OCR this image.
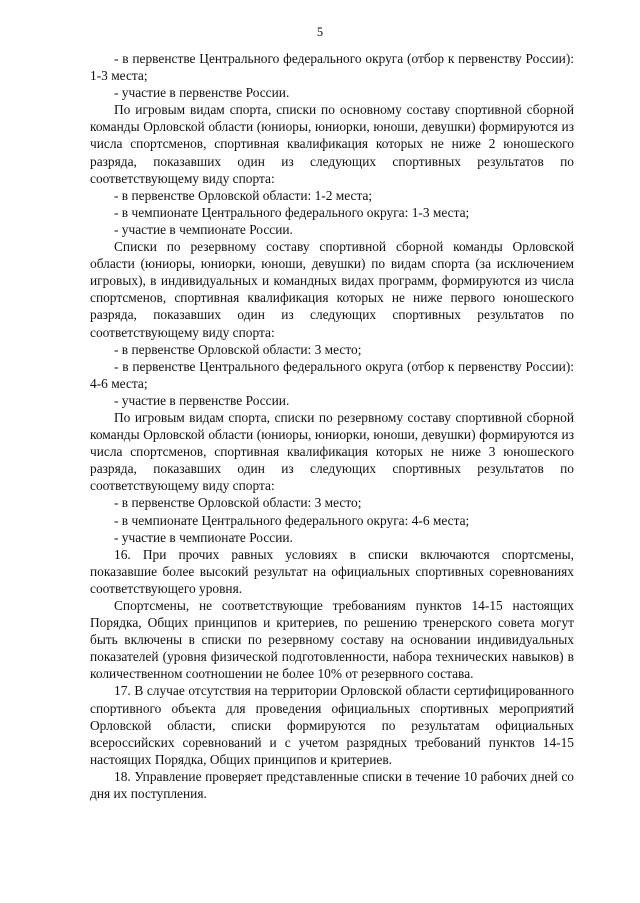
5

- в первенстве Центрального федерального округа (отбор к первенству России): 1-3 места;

- участие в первенстве России.

По игровым видам спорта, списки по основному составу спортивной сборной команды Орловской области (юниоры, юниорки, юноши, девушки) формируются из числа спортсменов, спортивная квалификация которых не ниже 2 юношеского разряда, показавших один из следующих спортивных результатов по соответствующему виду спорта:

- в первенстве Орловской области: 1-2 места;

- в чемпионате Центрального федерального округа: 1-3 места;

- участие в чемпионате России.

Списки по резервному составу спортивной сборной команды Орловской области (юниоры, юниорки, юноши, девушки) по видам спорта (за исключением игровых), в индивидуальных и командных видах программ, формируются из числа спортсменов, спортивная квалификация которых не ниже первого юношеского разряда, показавших один из следующих спортивных результатов по соответствующему виду спорта:

- в первенстве Орловской области: 3 место;

- в первенстве Центрального федерального округа (отбор к первенству России): 4-6 места;

- участие в первенстве России.

По игровым видам спорта, списки по резервному составу спортивной сборной команды Орловской области (юниоры, юниорки, юноши, девушки) формируются из числа спортсменов, спортивная квалификация которых не ниже 3 юношеского разряда, показавших один из следующих спортивных результатов по соответствующему виду спорта:

- в первенстве Орловской области: 3 место;

- в чемпионате Центрального федерального округа: 4-6 места;

- участие в чемпионате России.

16. При прочих равных условиях в списки включаются спортсмены, показавшие более высокий результат на официальных спортивных соревнованиях соответствующего уровня.

Спортсмены, не соответствующие требованиям пунктов 14-15 настоящих Порядка, Общих принципов и критериев, по решению тренерского совета могут быть включены в списки по резервному составу на основании индивидуальных показателей (уровня физической подготовленности, набора технических навыков) в количественном соотношении не более 10% от резервного состава.

17. В случае отсутствия на территории Орловской области сертифицированного спортивного объекта для проведения официальных спортивных мероприятий Орловской области, списки формируются по результатам официальных всероссийских соревнований и с учетом разрядных требований пунктов 14-15 настоящих Порядка, Общих принципов и критериев.

18. Управление проверяет представленные списки в течение 10 рабочих дней со дня их поступления.
